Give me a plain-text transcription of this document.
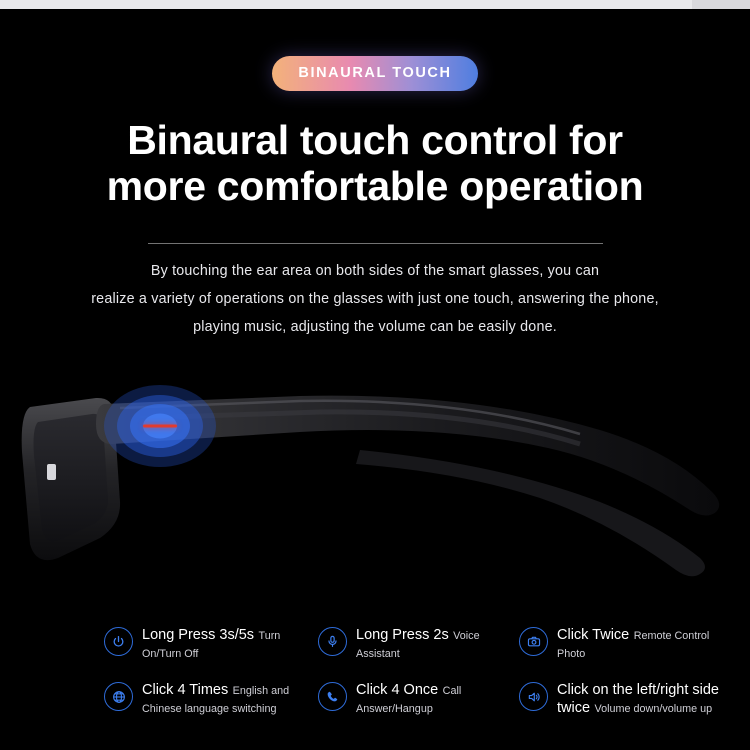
BINAURAL TOUCH
Binaural touch control for
more comfortable operation
By touching the ear area on both sides of the smart glasses, you can
realize a variety of operations on the glasses with just one touch, answering the phone,
playing music, adjusting the volume can be easily done.
Long Press 3s/5s Turn On/Turn Off
Long Press 2s Voice Assistant
Click Twice Remote Control Photo
Click 4 Times English and Chinese language switching
Click 4 Once Call Answer/Hangup
Click on the left/right side twice Volume down/volume up
